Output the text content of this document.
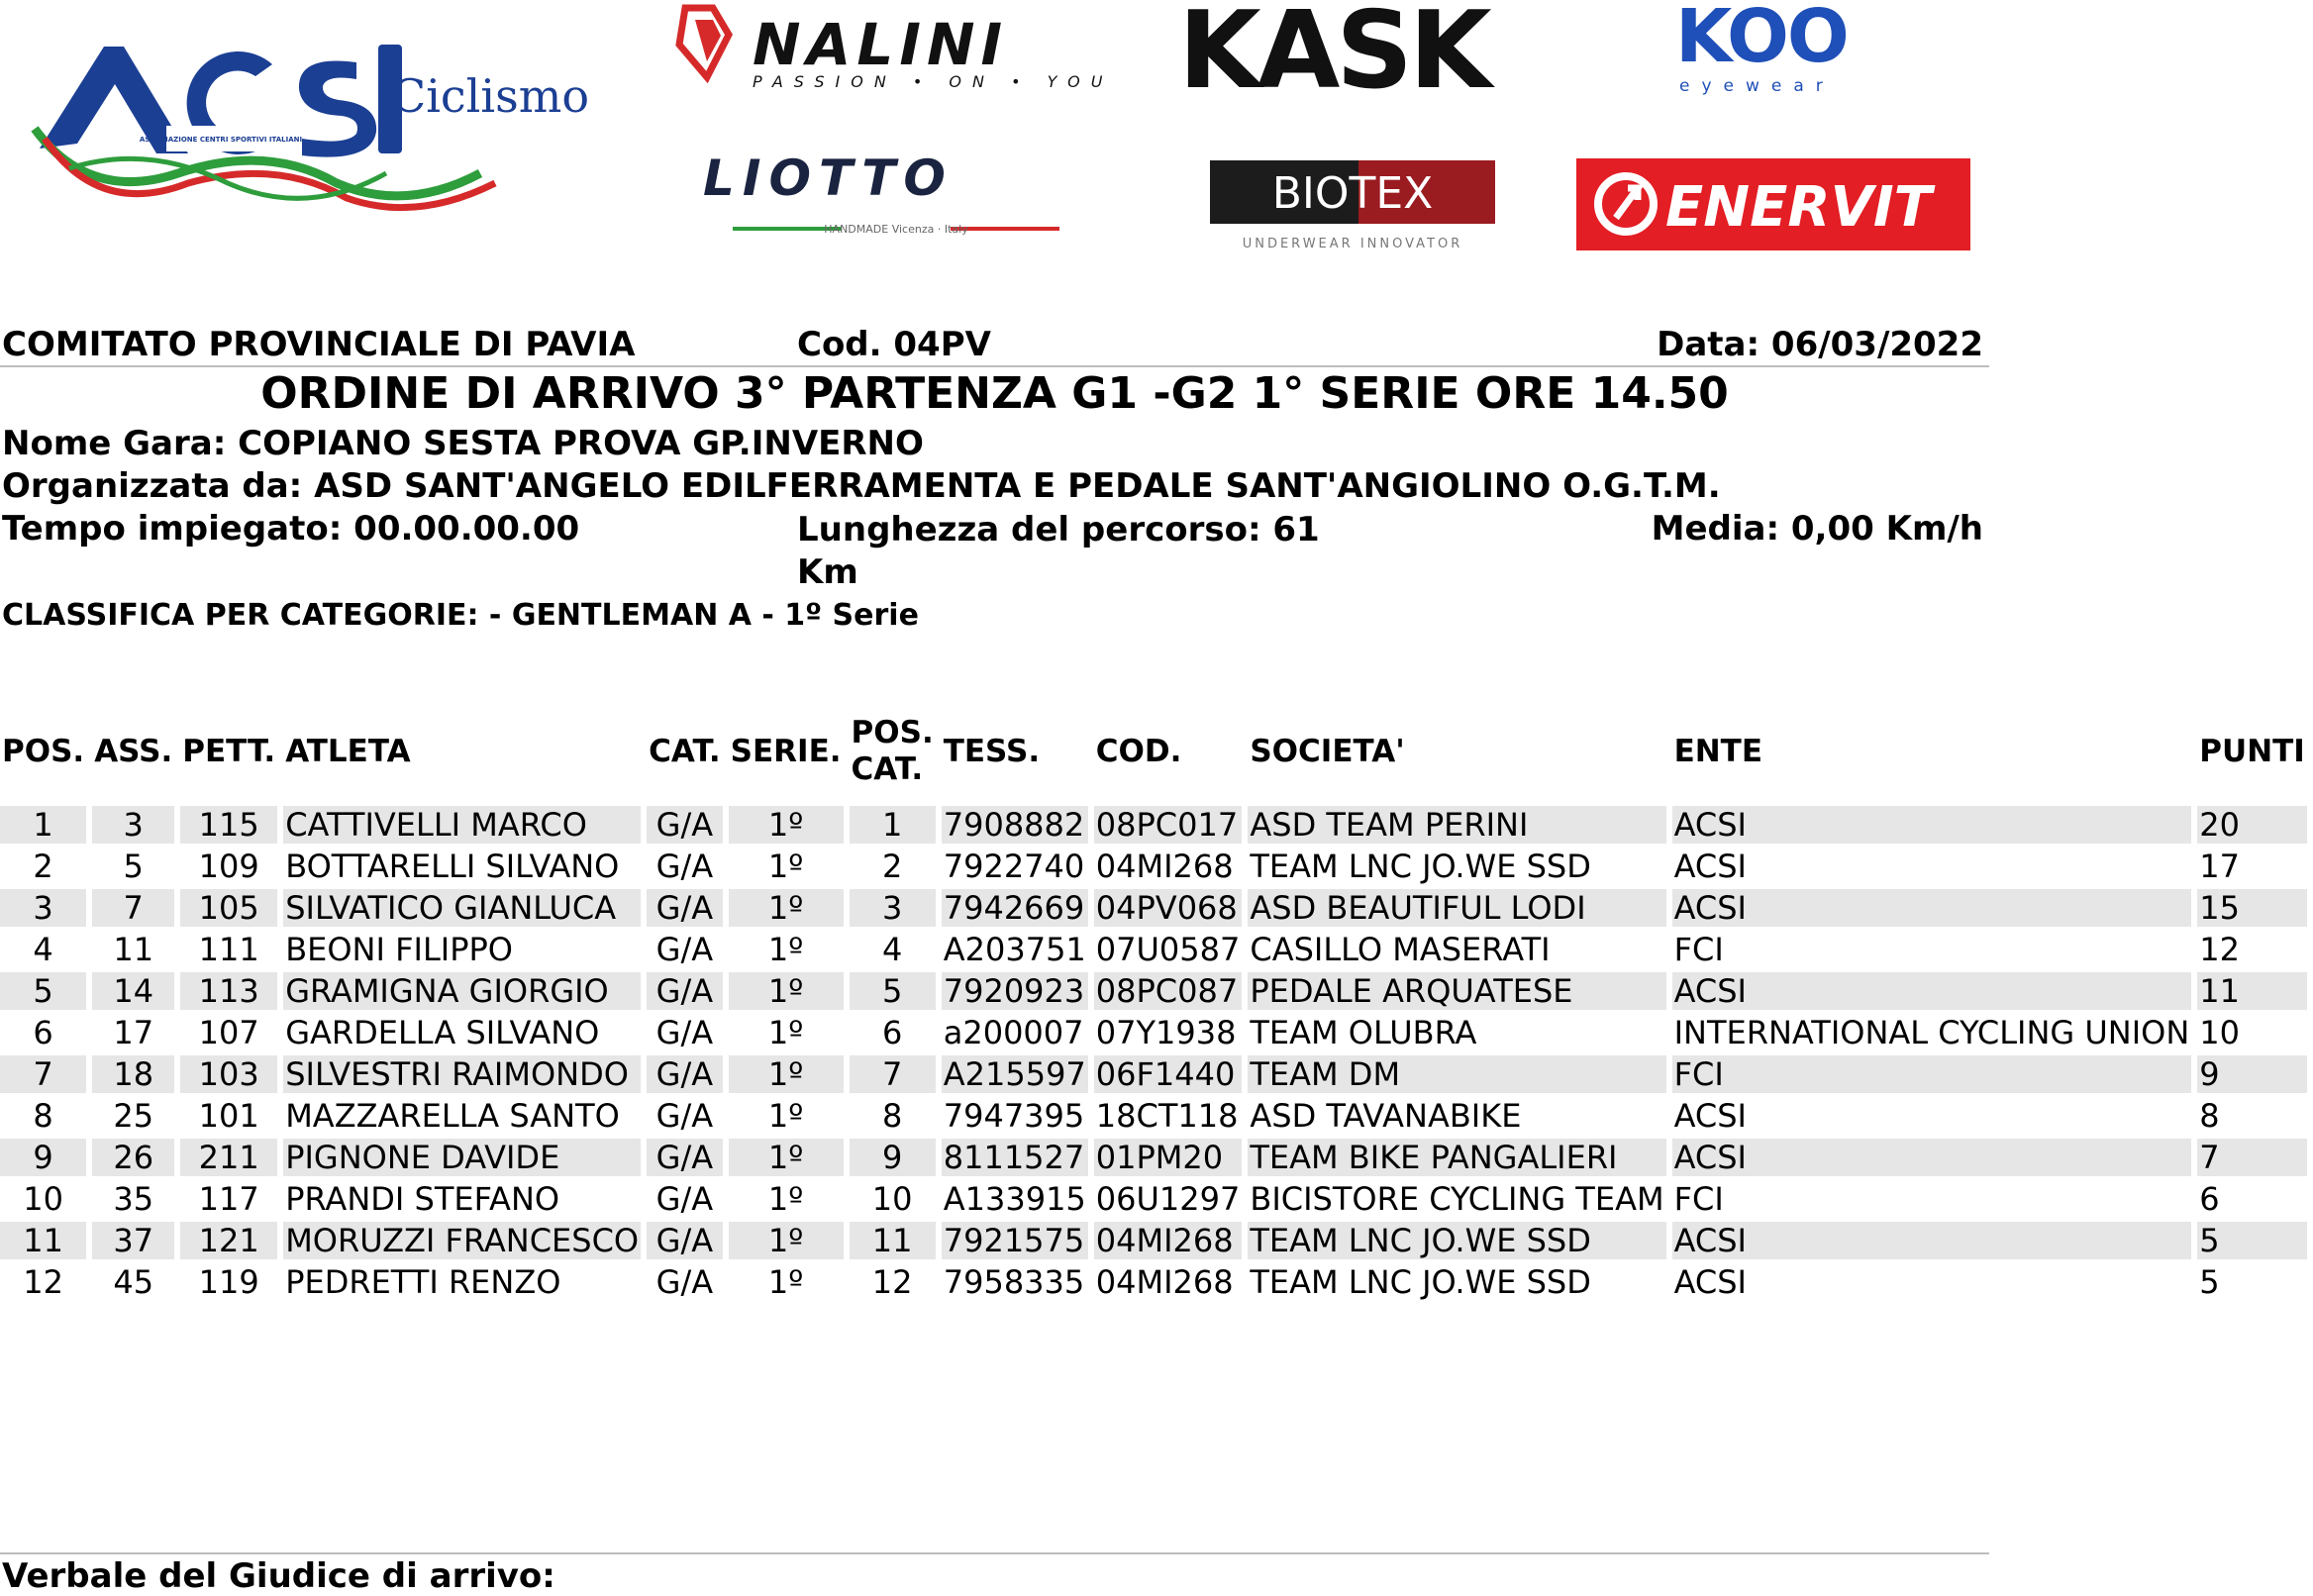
ASSOCIAZIONE CENTRI SPORTIVI ITALIANI
Ciclismo
NALINI
PASSION • ON • YOU KASK	KOO
eyewear
LIOTTO
HANDMADE Vicenza · Italy
BIOTEX
UNDERWEAR INNOVATOR
ENERVIT
COMITATO PROVINCIALE DI PAVIA	Cod. 04PV	Data: 06/03/2022
ORDINE DI ARRIVO 3° PARTENZA G1 -G2 1° SERIE ORE 14.50
Nome Gara: COPIANO SESTA PROVA GP.INVERNO
Organizzata da: ASD SANT'ANGELO EDILFERRAMENTA E PEDALE SANT'ANGIOLINO O.G.T.M.
Tempo impiegato: 00.00.00.00	Lunghezza del percorso: 61 Km
Media: 0,00 Km/h
CLASSIFICA PER CATEGORIE: - GENTLEMAN A - 1º Serie
POS.	ASS.	PETT.	ATLETA	CAT.	SERIE.	POS. CAT.	TESS.	COD.	SOCIETA'	ENTE	PUNTI

1	3	115	CATTIVELLI MARCO	G/A	1º	1	7908882	08PC017	ASD TEAM PERINI	ACSI	20
2	5	109	BOTTARELLI SILVANO	G/A	1º	2	7922740	04MI268	TEAM LNC JO.WE SSD	ACSI	17
3	7	105	SILVATICO GIANLUCA	G/A	1º	3	7942669	04PV068	ASD BEAUTIFUL LODI	ACSI	15
4	11	111	BEONI FILIPPO	G/A	1º	4	A203751	07U0587	CASILLO MASERATI	FCI	12
5	14	113	GRAMIGNA GIORGIO	G/A	1º	5	7920923	08PC087	PEDALE ARQUATESE	ACSI	11
6	17	107	GARDELLA SILVANO	G/A	1º	6	a200007	07Y1938	TEAM OLUBRA	INTERNATIONAL CYCLING UNION	10
7	18	103	SILVESTRI RAIMONDO	G/A	1º	7	A215597	06F1440	TEAM DM	FCI	9
8	25	101	MAZZARELLA SANTO	G/A	1º	8	7947395	18CT118	ASD TAVANABIKE	ACSI	8
9	26	211	PIGNONE DAVIDE	G/A	1º	9	8111527	01PM20	TEAM BIKE PANGALIERI	ACSI	7
10	35	117	PRANDI STEFANO	G/A	1º	10	A133915	06U1297	BICISTORE CYCLING TEAM	FCI	6
11	37	121	MORUZZI FRANCESCO	G/A	1º	11	7921575	04MI268	TEAM LNC JO.WE SSD	ACSI	5
12	45	119	PEDRETTI RENZO	G/A	1º	12	7958335	04MI268	TEAM LNC JO.WE SSD	ACSI	5
Verbale del Giudice di arrivo:
